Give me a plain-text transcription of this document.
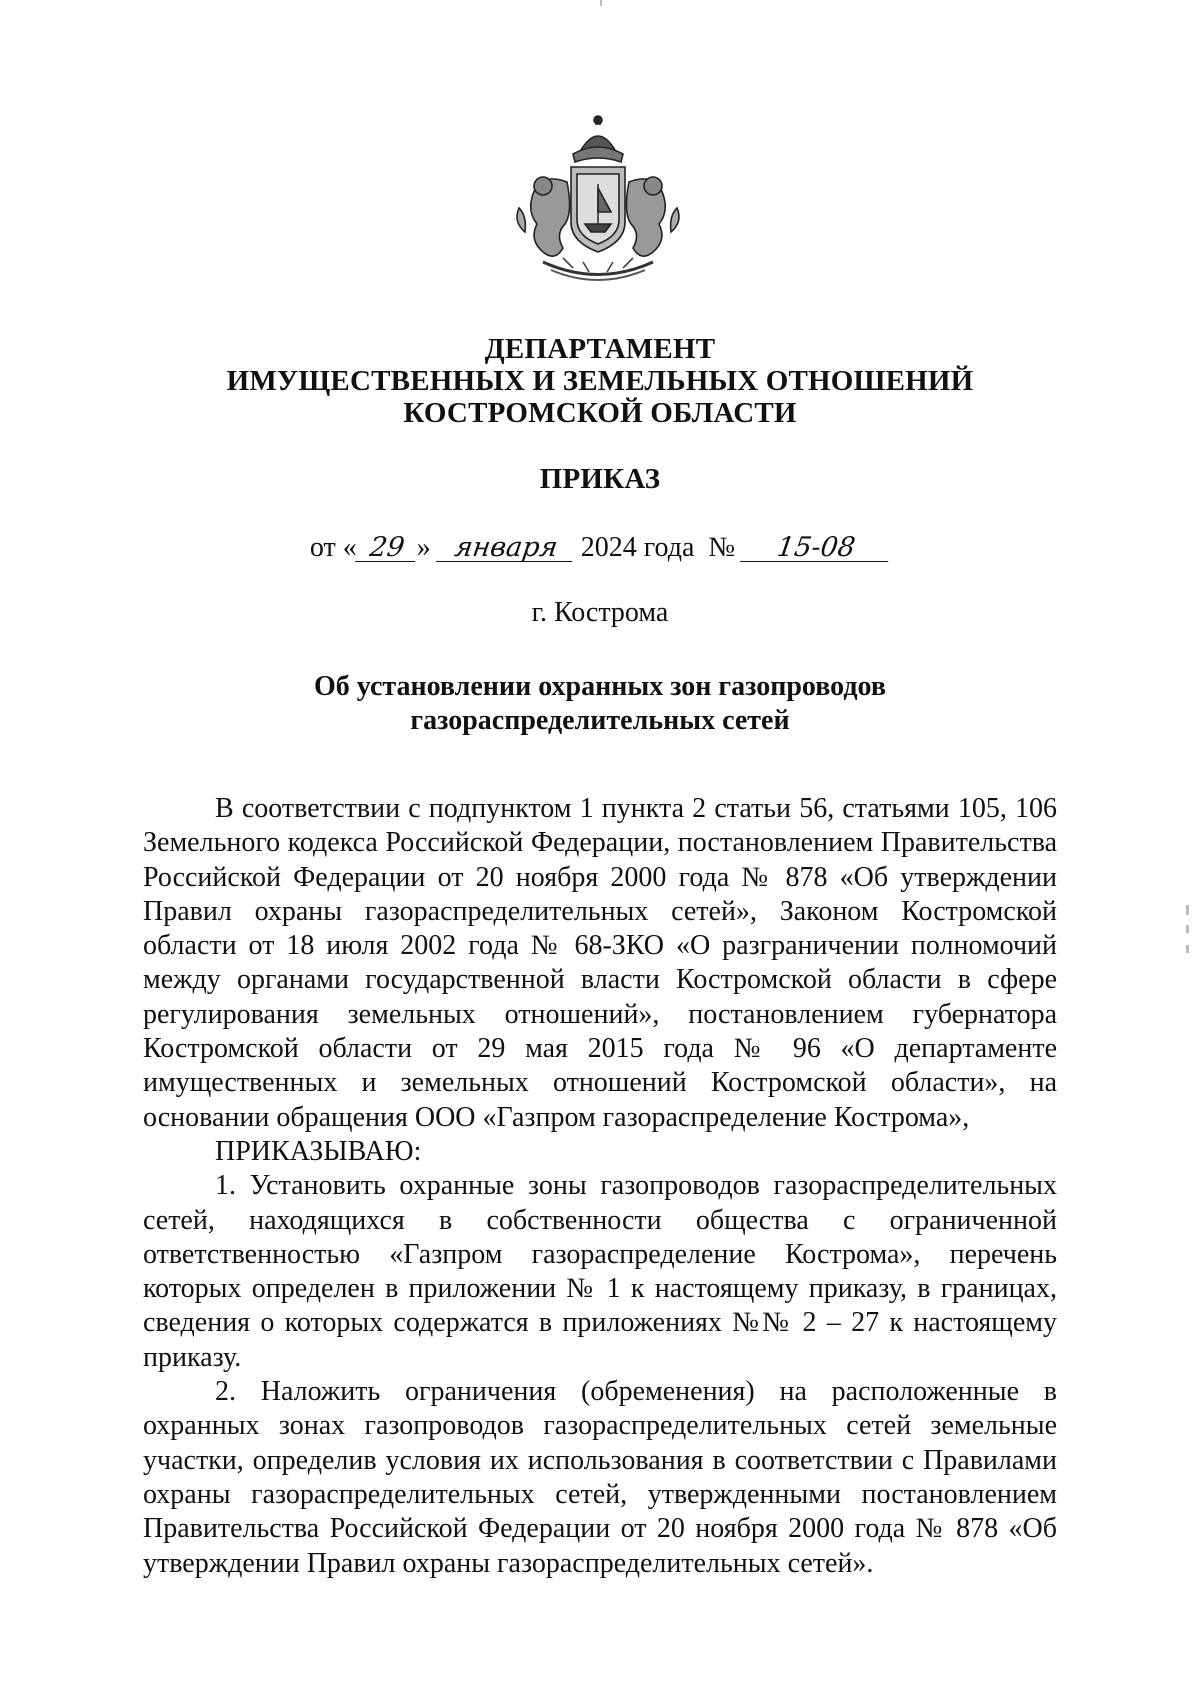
ДЕПАРТАМЕНТ
ИМУЩЕСТВЕННЫХ И ЗЕМЕЛЬНЫХ ОТНОШЕНИЙ
КОСТРОМСКОЙ ОБЛАСТИ
ПРИКАЗ
от « 29 » января 2024 года № 15-08
г. Кострома
Об установлении охранных зон газопроводов
газораспределительных сетей

В соответствии с подпунктом 1 пункта 2 статьи 56, статьями 105, 106 Земельного кодекса Российской Федерации, постановлением Правительства Российской Федерации от 20 ноября 2000 года № 878 «Об утверждении Правил охраны газораспределительных сетей», Законом Костромской области от 18 июля 2002 года № 68-ЗКО «О разграничении полномочий между органами государственной власти Костромской области в сфере регулирования земельных отношений», постановлением губернатора Костромской области от 29 мая 2015 года № 96 «О департаменте имущественных и земельных отношений Костромской области», на основании обращения ООО «Газпром газораспределение Кострома»,

ПРИКАЗЫВАЮ:

1. Установить охранные зоны газопроводов газораспределительных сетей, находящихся в собственности общества с ограниченной ответственностью «Газпром газораспределение Кострома», перечень которых определен в приложении № 1 к настоящему приказу, в границах, сведения о которых содержатся в приложениях №№ 2 – 27 к настоящему приказу.

2. Наложить ограничения (обременения) на расположенные в охранных зонах газопроводов газораспределительных сетей земельные участки, определив условия их использования в соответствии с Правилами охраны газораспределительных сетей, утвержденными постановлением Правительства Российской Федерации от 20 ноября 2000 года № 878 «Об утверждении Правил охраны газораспределительных сетей».
